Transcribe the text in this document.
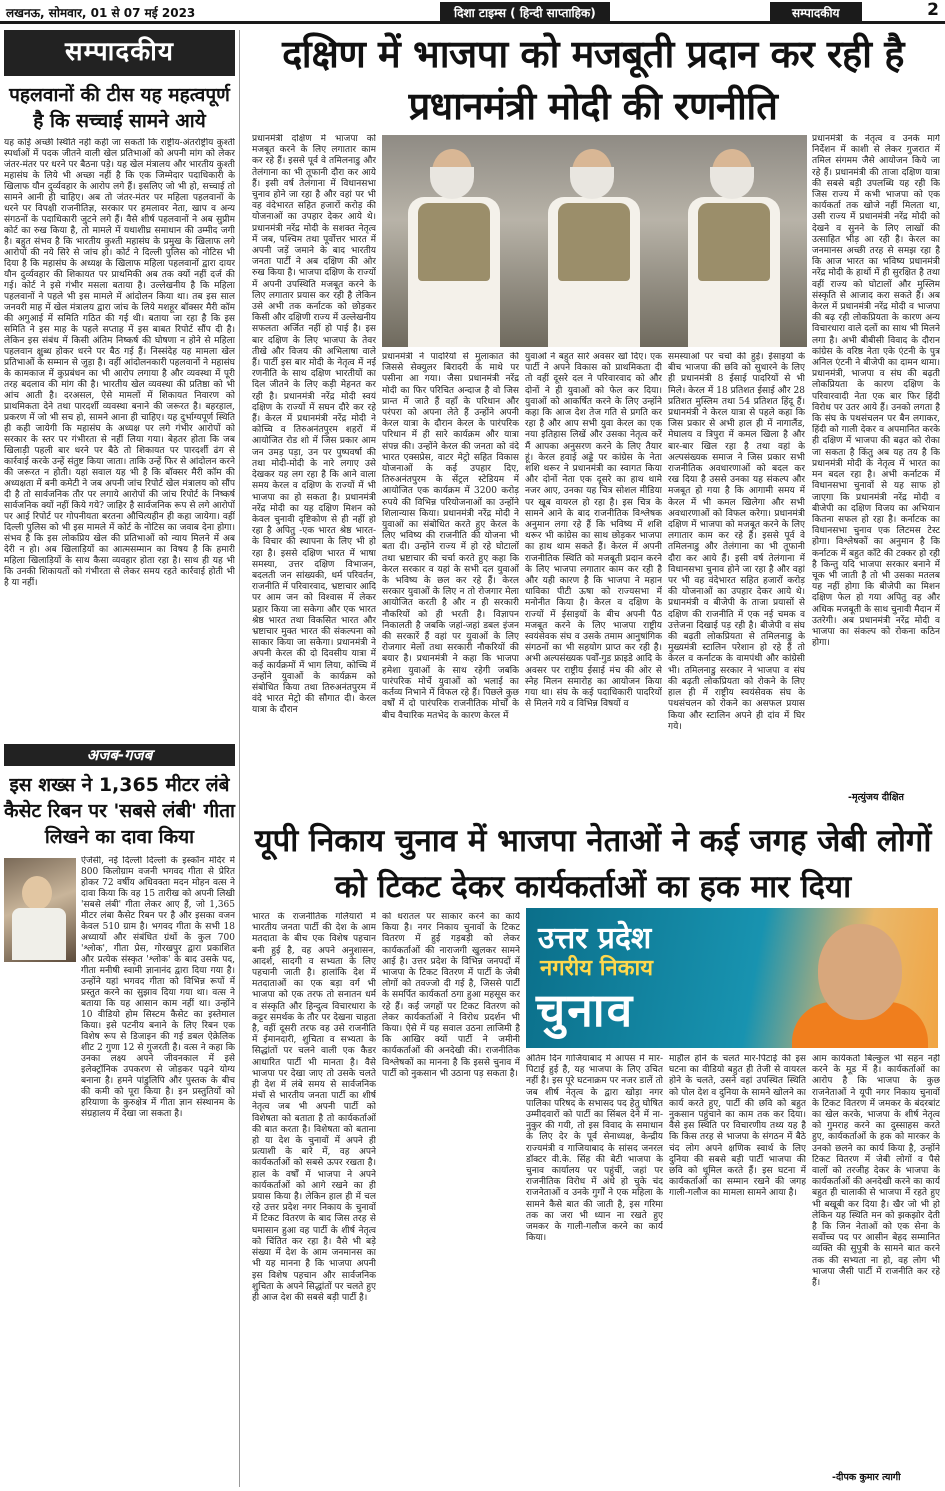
लखनऊ, सोमवार, 01 से 07 मई 2023	दिशा टाइम्स ( हिन्दी साप्ताहिक)	सम्पादकीय	2
सम्पादकीय
पहलवानों की टीस यह महत्वपूर्ण है कि सच्चाई सामने आये
यह कोई अच्छी स्थिति नहीं कही जा सकती कि राष्ट्रीय-अंतर्राष्ट्रीय कुश्ती स्पर्धाओं में पदक जीतने वाली खेल प्रतिभाओं को अपनी मांग को लेकर जंतर-मंतर पर धरने पर बैठना पड़े। यह खेल मंत्रालय और भारतीय कुश्ती महासंघ के लिये भी अच्छा नहीं है कि एक जिम्मेदार पदाधिकारी के खिलाफ यौन दुर्व्यवहार के आरोप लगे हैं। इसलिए जो भी हो, सच्चाई तो सामने आनी ही चाहिए। अब तो जंतर-मंतर पर महिला पहलवानों के धरने पर विपक्षी राजनीतिज्ञ, सरकार पर हमलावर नेता, खाप व अन्य संगठनों के पदाधिकारी जुटने लगे हैं। वैसे शीर्ष पहलवानों ने अब सुप्रीम कोर्ट का रुख किया है, तो मामले में यथाशीघ्र समाधान की उम्मीद जगी है। बहुत संभव है कि भारतीय कुश्ती महासंघ के प्रमुख के खिलाफ लगे आरोपों की नये सिरे से जांच हो। कोर्ट ने दिल्ली पुलिस को नोटिस भी दिया है कि महासंघ के अध्यक्ष के खिलाफ महिला पहलवानों द्वारा दायर यौन दुर्व्यवहार की शिकायत पर प्राथमिकी अब तक क्यों नहीं दर्ज की गई। कोर्ट ने इसे गंभीर मसला बताया है। उल्लेखनीय है कि महिला पहलवानों ने पहले भी इस मामले में आंदोलन किया था। तब इस साल जनवरी माह में खेल मंत्रालय द्वारा जांच के लिये मशहूर बॉक्सर मैरी कॉम की अगुआई में समिति गठित की गई थी। बताया जा रहा है कि इस समिति ने इस माह के पहले सप्ताह में इस बाबत रिपोर्ट सौंप दी है। लेकिन इस संबंध में किसी अंतिम निष्कर्ष की घोषणा न होने से महिला पहलवान क्षुब्ध होकर धरने पर बैठ गई हैं। निस्संदेह यह मामला खेल प्रतिभाओं के सम्मान से जुड़ा है। वहीं आंदोलनकारी पहलवानों ने महासंघ के कामकाज में कुप्रबंधन का भी आरोप लगाया है और व्यवस्था में पूरी तरह बदलाव की मांग की है। भारतीय खेल व्यवस्था की प्रतिष्ठा को भी आंच आती है। दरअसल, ऐसे मामलों में शिकायत निवारण को प्राथमिकता देने तथा पारदर्शी व्यवस्था बनाने की जरूरत है। बहरहाल, प्रकरण में जो भी सच हो, सामने आना ही चाहिए। यह दुर्भाग्यपूर्ण स्थिति ही कही जायेगी कि महासंघ के अध्यक्ष पर लगे गंभीर आरोपों को सरकार के स्तर पर गंभीरता से नहीं लिया गया। बेहतर होता कि जब खिलाड़ी पहली बार धरने पर बैठे तो शिकायत पर पारदर्शी ढंग से कार्रवाई करके उन्हें संतुष्ट किया जाता। ताकि उन्हें फिर से आंदोलन करने की जरूरत न होती। यहां सवाल यह भी है कि बॉक्सर मैरी कॉम की अध्यक्षता में बनी कमेटी ने जब अपनी जांच रिपोर्ट खेल मंत्रालय को सौंप दी है तो सार्वजनिक तौर पर लगाये आरोपों की जांच रिपोर्ट के निष्कर्ष सार्वजनिक क्यों नहीं किये गये? जाहिर है सार्वजनिक रूप से लगे आरोपों पर आई रिपोर्ट पर गोपनीयता बरतना औचित्यहीन ही कहा जायेगा। वहीं दिल्ली पुलिस को भी इस मामले में कोर्ट के नोटिस का जवाब देना होगा। संभव है कि इस लोकप्रिय खेल की प्रतिभाओं को न्याय मिलने में अब देरी न हो। अब खिलाड़ियों का आत्मसम्मान का विषय है कि हमारी महिला खिलाड़ियों के साथ कैसा व्यवहार होता रहा है। साथ ही यह भी कि उनकी शिकायतों को गंभीरता से लेकर समय रहते कार्रवाई होती भी है या नहीं।
अजब-गजब
इस शख्स ने 1,365 मीटर लंबे कैसेट रिबन पर 'सबसे लंबी' गीता लिखने का दावा किया
ऐजेंसी, नई दिल्ली दिल्ली के इस्कॉन मंदिर में 800 किलोग्राम वजनी भगवद गीता से प्रेरित होकर 72 वर्षीय अधिवक्ता मदन मोहन वत्स ने दावा किया कि वह 15 तारीख को अपनी लिखी 'सबसे लंबी' गीता लेकर आए हैं, जो 1,365 मीटर लंबा कैसेट रिबन पर है और इसका वजन केवल 510 ग्राम है। भगवद गीता के सभी 18 अध्यायों और संबंधित ग्रंथों के कुल 700 'श्लोक', गीता प्रेस, गोरखपुर द्वारा प्रकाशित और प्रत्येक संस्कृत 'श्लोक' के बाद उसके पद, गीता मनीषी स्वामी ज्ञानानंद द्वारा दिया गया है। उन्होंने यहां भगवद गीता को विभिन्न रूपों में प्रस्तुत करने का सुझाव दिया गया था। वत्स ने बताया कि यह आसान काम नहीं था। उन्होंने 10 वीडियो होम सिस्टम कैसेट का इस्तेमाल किया। इसे पटनीय बनाने के लिए रिबन एक विशेष रूप से डिजाइन की गई डबल ऐक्रेलिक शीट 2 गुणा 12 से गुजरती है। वत्स ने कहा कि उनका लक्ष्य अपने जीवनकाल में इसे इलेक्ट्रॉनिक उपकरण से जोड़कर पढ़ने योग्य बनाना है। हमने पांडुलिपि और पुस्तक के बीच की कमी को पूरा किया है। इन प्रस्तुतियों को हरियाणा के कुरुक्षेत्र में गीता ज्ञान संस्थानम के संग्रहालय में देखा जा सकता है।
दक्षिण में भाजपा को मजबूती प्रदान कर रही है प्रधानमंत्री मोदी की रणनीति
प्रधानमंत्री दक्षिण में भाजपा को मजबूत करने के लिए लगातार काम कर रहे हैं। इससे पूर्व वे तमिलनाडु और तेलंगाना का भी तूफानी दौरा कर आये हैं। इसी वर्ष तेलंगाना में विधानसभा चुनाव होने जा रहा है और वहां पर भी वह वंदेभारत सहित हजारों करोड़ की योजनाओं का उपहार देकर आये थे। प्रधानमंत्री नरेंद्र मोदी के सशक्त नेतृत्व में जब, पश्चिम तथा पूर्वोत्तर भारत में अपनी जड़ें जमाने के बाद भारतीय जनता पार्टी ने अब दक्षिण की ओर रुख किया है। भाजपा दक्षिण के राज्यों में अपनी उपस्थिति मजबूत करने के लिए लगातार प्रयास कर रही है लेकिन उसे अभी तक कर्नाटक को छोड़कर किसी और दक्षिणी राज्य में उल्लेखनीय सफलता अर्जित नहीं हो पाई है। इस बार दक्षिण के लिए भाजपा के तेवर तीखे और विजय की अभिलाषा वाले हैं। पार्टी इस बार मोदी के नेतृत्व में नई रणनीति के साथ दक्षिण भारतीयों का दिल जीतने के लिए कड़ी मेहनत कर रही है। प्रधानमंत्री नरेंद्र मोदी स्वयं दक्षिण के राज्यों में सघन दौरे कर रहे हैं। केरल में प्रधानमंत्री नरेंद्र मोदी ने कोच्चि व तिरुअनंतपुरम शहरों में आयोजित रोड शो में जिस प्रकार आम जन उमड़ पड़ा, उन पर पुष्पवर्षा की तथा मोदी-मोदी के नारे लगाए उसे देखकर यह लग रहा है कि आने वाला समय केरल व दक्षिण के राज्यों में भी भाजपा का हो सकता है। प्रधानमंत्री नरेंद्र मोदी का यह दक्षिण मिशन को केवल चुनावी दृष्टिकोण से ही नहीं हो रहा है अपितु -एक भारत श्रेष्ठ भारत- के विचार की स्थापना के लिए भी हो रहा है। इससे दक्षिण भारत में भाषा समस्या, उत्तर दक्षिण विभाजन, बदलती जन सांख्यकी, धर्म परिवर्तन, राजनीति में परिवारवाद, भ्रष्टाचार आदि पर आम जन को विश्वास में लेकर प्रहार किया जा सकेगा और एक भारत श्रेष्ठ भारत तथा विकसित भारत और भ्रष्टाचार मुक्त भारत की संकल्पना को साकार किया जा सकेगा। प्रधानमंत्री ने अपनी केरल की दो दिवसीय यात्रा में कई कार्यक्रमों में भाग लिया, कोच्चि में उन्होंने युवाओं के कार्यक्रम को संबोधित किया तथा तिरुअनंतपुरम में वंदे भारत मेट्रो की सौगात दी। केरल यात्रा के दौरान
प्रधानमंत्री ने पादरियों से मुलाकात की जिससे सेक्युलर बिरादरी के माथे पर पसीना आ गया। जैसा प्रधानमंत्री नरेंद्र मोदी का फिर परिचित अन्दाज है वो जिस प्रान्त में जाते हैं वहाँ के परिधान और परंपरा को अपना लेते हैं उन्होंने अपनी केरल यात्रा के दौरान केरल के पारंपरिक परिधान में ही सारे कार्यक्रम और यात्रा संपन्न की। उन्होंने केरल की जनता को वंदे भारत एक्सप्रेस, वाटर मेट्रो सहित विकास योजनाओं के कई उपहार दिए, तिरुअनंतपुरम के सेंट्रल स्टेडियम में आयोजित एक कार्यक्रम में 3200 करोड़ रुपये की विभिन्न परियोजनाओं का उन्होंने शिलान्यास किया। प्रधानमंत्री नरेंद्र मोदी ने युवाओं का संबोधित करते हुए केरल के लिए भविष्य की राजनीति की योजना भी बता दी। उन्होंने राज्य में हो रहे घोटालों तथा भ्रष्टाचार की चर्चा करते हुए कहा कि केरल सरकार व यहां के सभी दल युवाओं के भविष्य के छल कर रहे हैं। केरल सरकार युवाओं के लिए न तो रोजगार मेला आयोजित करती है और न ही सरकारी नौकरियों को ही भरती है। विज्ञापन निकालती है जबकि जहां-जहां डबल इंजन की सरकारें हैं वहां पर युवाओं के लिए रोजगार मेलों तथा सरकारी नौकरियों की बयार है। प्रधानमंत्री ने कहा कि भाजपा हमेशा युवाओं के साथ रहेगी जबकि पारंपरिक मोर्चे युवाओं को भलाई का कर्तव्य निभाने में विफल रहे हैं। पिछले कुछ वर्षों में दो पारंपरिक राजनीतिक मोर्चों के बीच वैचारिक मतभेद के कारण केरल में
युवाओं ने बहुत सारे अवसर खो दिए। एक पार्टी ने अपने विकास को प्राथमिकता दी तो वहीं दूसरे दल ने परिवारवाद को और दोनों ने ही युवाओं को फेल कर दिया। युवाओं को आकर्षित करने के लिए उन्होंने कहा कि आज देश तेज गति से प्रगति कर रहा है और आप सभी युवा केरल का एक नया इतिहास लिखें और उसका नेतृत्व करें मैं आपका अनुसरण करने के लिए तैयार हूं। केरल हवाई अड्डे पर कांग्रेस के नेता शशि थरूर ने प्रधानमंत्री का स्वागत किया और दोनों नेता एक दूसरे का हाथ थामे नजर आए, उनका यह चित्र सोशल मीडिया पर खूब वायरल हो रहा है। इस चित्र के सामने आने के बाद राजनीतिक विश्लेषक अनुमान लगा रहे हैं कि भविष्य में शशि थरूर भी कांग्रेस का साथ छोड़कर भाजपा का हाथ थाम सकते हैं। केरल में अपनी राजनीतिक स्थिति को मजबूती प्रदान करने के लिए भाजपा लगातार काम कर रही है और यही कारण है कि भाजपा ने महान धाविका पीटी ऊषा को राज्यसभा में मनोनीत किया है। केरल व दक्षिण के राज्यों में ईसाइयों के बीच अपनी पैठ मजबूत करने के लिए भाजपा राष्ट्रीय स्वयंसेवक संघ व उसके तमाम आनुषांगिक संगठनों का भी सहयोग प्राप्त कर रही है। अभी अल्पसंख्यक पर्वों-गुड फ्राइडे आदि के अवसर पर राष्ट्रीय ईसाई मंच की ओर से स्नेह मिलन समारोह का आयोजन किया गया था। संघ के कई पदाधिकारी पादरियों से मिलने गये व विभिन्न विषयों व
समस्याओं पर चर्चा की हुई। ईसाइयों के बीच भाजपा की छवि को सुधारने के लिए ही प्रधानमंत्री 8 ईसाई पादरियों से भी मिले। केरल में 18 प्रतिशत ईसाई और 28 प्रतिशत मुस्लिम तथा 54 प्रतिशत हिंदू हैं। प्रधानमंत्री ने केरल यात्रा से पहले कहा कि जिस प्रकार से अभी हाल ही में नागालैंड, मेघालय व त्रिपुरा में कमल खिला है और बार-बार खिल रहा है तथा वहां के अल्पसंख्यक समाज ने जिस प्रकार सभी राजनीतिक अवधारणाओं को बदल कर रख दिया है उससे उनका यह संकल्प और मजबूत हो गया है कि आगामी समय में केरल में भी कमल खिलेगा और सभी अवधारणाओं को विफल करेगा। प्रधानमंत्री दक्षिण में भाजपा को मजबूत करने के लिए लगातार काम कर रहे हैं। इससे पूर्व वे तमिलनाडु और तेलंगाना का भी तूफानी दौरा कर आये हैं। इसी वर्ष तेलंगाना में विधानसभा चुनाव होने जा रहा है और वहां पर भी वह वंदेभारत सहित हजारों करोड़ की योजनाओं का उपहार देकर आये थे। प्रधानमंत्री व बीजेपी के ताजा प्रयासों से दक्षिण की राजनीति में एक नई चमक व उत्तेजना दिखाई पड़ रही है। बीजेपी व संघ की बढ़ती लोकप्रियता से तमिलनाडु के मुख्यमंत्री स्टालिन परेशान हो रहे हैं तो केरल व कर्नाटक के वामपंथी और कांग्रेसी भी। तमिलनाडु सरकार ने भाजपा व संघ की बढ़ती लोकप्रियता को रोकने के लिए हाल ही में राष्ट्रीय स्वयंसेवक संघ के पथसंचलन को रोकने का असफल प्रयास किया और स्टालिन अपने ही दांव में घिर गये।
प्रधानमंत्री के नेतृत्व व उनके मार्ग निर्देशन में काशी से लेकर गुजरात में तमिल संगमम जैसे आयोजन किये जा रहे हैं। प्रधानमंत्री की ताजा दक्षिण यात्रा की सबसे बड़ी उपलब्धि यह रही कि जिस राज्य में कभी भाजपा को एक कार्यकर्ता तक खोजे नहीं मिलता था, उसी राज्य में प्रधानमंत्री नरेंद्र मोदी को देखने व सुनने के लिए लाखों की उत्साहित भीड़ आ रही है। केरल का जनमानस अच्छी तरह से समझ रहा है कि आज भारत का भविष्य प्रधानमंत्री नरेंद्र मोदी के हाथों में ही सुरक्षित है तथा वहीं राज्य को घोटालों और मुस्लिम संस्कृति से आजाद करा सकते हैं। अब केरल में प्रधानमंत्री नरेंद्र मोदी व भाजपा की बढ़ रही लोकप्रियता के कारण अन्य विचारधारा वाले दलों का साथ भी मिलने लगा है। अभी बीबीसी विवाद के दौरान कांग्रेस के वरिष्ठ नेता एके एंटनी के पुत्र अनिल एंटनी ने बीजेपी का दामन थामा। प्रधानमंत्री, भाजपा व संघ की बढ़ती लोकप्रियता के कारण दक्षिण के परिवारवादी नेता एक बार फिर हिंदी विरोध पर उतर आये हैं। उनको लगता है कि संघ के पथसंचलन पर बैन लगाकर, हिंदी को गाली देकर व अपमानित करके ही दक्षिण में भाजपा की बढ़त को रोका जा सकता है किंतु अब यह तय है कि प्रधानमंत्री मोदी के नेतृत्व में भारत का मन बदल रहा है। अभी कर्नाटक में विधानसभा चुनावों से यह साफ हो जाएगा कि प्रधानमंत्री नरेंद्र मोदी व बीजेपी का दक्षिण विजय का अभियान कितना सफल हो रहा है। कर्नाटक का विधानसभा चुनाव एक लिटमस टेस्ट होगा। विश्लेषकों का अनुमान है कि कर्नाटक में बहुत काँटे की टक्कर हो रही है किन्तु यदि भाजपा सरकार बनाने में चूक भी जाती है तो भी उसका मतलब यह नहीं होगा कि बीजेपी का मिशन दक्षिण फेल हो गया अपितु वह और अधिक मजबूती के साथ चुनावी मैदान में उतरेगी। अब प्रधानमंत्री नरेंद्र मोदी व भाजपा का संकल्प को रोकना कठिन होगा।
-मृत्युंजय दीक्षित
यूपी निकाय चुनाव में भाजपा नेताओं ने कई जगह जेबी लोगों को टिकट देकर कार्यकर्ताओं का हक मार दिया
भारत के राजनीतिक गलियारों में भारतीय जनता पार्टी की देश के आम मतदाता के बीच एक विशेष पहचान बनी हुई है, वह अपने अनुशासन, आदर्श, सादगी व सभ्यता के लिए पहचानी जाती है। हालांकि देश में मतदाताओं का एक बड़ा वर्ग भी भाजपा को एक तरफ तो सनातन धर्म व संस्कृति और हिन्दुत्व विचारधारा के कट्टर समर्थक के तौर पर देखना चाहता है, वहीं दूसरी तरफ वह उसे राजनीति में ईमानदारी, शुचिता व सभ्यता के सिद्धांतों पर चलने वाली एक कैडर आधारित पार्टी भी मानता है। वैसे भाजपा पर देखा जाए तो उसके चलते ही देश में लंबे समय से सार्वजनिक मंचों से भारतीय जनता पार्टी का शीर्ष नेतृत्व जब भी अपनी पार्टी को विशेषता को बताता है तो कार्यकर्ताओं की बात करता है। विशेषता को बताना हो या देश के चुनावों में अपने ही प्रत्याशी के बारे में, वह अपने कार्यकर्ताओं को सबसे ऊपर रखता है। हाल के वर्षों में भाजपा ने अपने कार्यकर्ताओं को आगे रखने का ही प्रयास किया है। लेकिन हाल ही में चल रहे उत्तर प्रदेश नगर निकाय के चुनावों में टिकट वितरण के बाद जिस तरह से घमासान हुआ वह पार्टी के शीर्ष नेतृत्व को चिंतित कर रहा है। वैसे भी बड़े संख्या में देश के आम जनमानस का भी यह मानना है कि भाजपा अपनी इस विशेष पहचान और सार्वजनिक शुचिता के अपने सिद्धांतों पर चलते हुए ही आज देश की सबसे बड़ी पार्टी है।
को धरातल पर साकार करने का कार्य किया है। नगर निकाय चुनावों के टिकट वितरण में हुई गड़बड़ी को लेकर कार्यकर्ताओं की नाराजगी खुलकर सामने आई है। उत्तर प्रदेश के विभिन्न जनपदों में भाजपा के टिकट वितरण में पार्टी के जेबी लोगों को तवज्जो दी गई है, जिससे पार्टी के समर्पित कार्यकर्ता ठगा हुआ महसूस कर रहे हैं। कई जगहों पर टिकट वितरण को लेकर कार्यकर्ताओं ने विरोध प्रदर्शन भी किया। ऐसे में यह सवाल उठना लाजिमी है कि आखिर क्यों पार्टी ने जमीनी कार्यकर्ताओं की अनदेखी की। राजनीतिक विश्लेषकों का मानना है कि इससे चुनाव में पार्टी को नुकसान भी उठाना पड़ सकता है।
उत्तर प्रदेश
नगरीय निकाय
चुनाव
अंतिम दिन गाजियाबाद में आपस में मार-पिटाई हुई है, यह भाजपा के लिए उचित नहीं है। इस पूरे घटनाक्रम पर नजर डालें तो जब शीर्ष नेतृत्व के द्वारा खोड़ा नगर पालिका परिषद के सभासद पद हेतु घोषित उम्मीदवारों को पार्टी का सिंबल देने में ना-नुकुर की गयी, तो इस विवाद के समाधान के लिए देर के पूर्व सेनाध्यक्ष, केन्द्रीय राज्यमंत्री व गाजियाबाद के सांसद जनरल डॉक्टर वी.के. सिंह की बेटी भाजपा के चुनाव कार्यालय पर पहुंचीं, जहां पर राजनीतिक विरोध में अंधे हो चुके चंद राजनेताओं व उनके गुर्गों ने एक महिला के सामने कैसे बात की जाती है, इस गरिमा तक का जरा भी ध्यान ना रखते हुए जमकर के गाली-गलौज करने का कार्य किया।
माहौल होने के चलते मार-पिटाई की इस घटना का वीडियो बहुत ही तेजी से वायरल होने के चलते, उसने वहां उपस्थित स्थिति को पोल देश व दुनिया के सामने खोलने का कार्य करते हुए, पार्टी की छवि को बहुत नुकसान पहुंचाने का काम तक कर दिया। वैसे इस स्थिति पर विचारणीय तथ्य यह है कि किस तरह से भाजपा के संगठन में बैठे चंद लोग अपने क्षणिक स्वार्थ के लिए दुनिया की सबसे बड़ी पार्टी भाजपा की छवि को धूमिल करते हैं। इस घटना में कार्यकर्ताओं का सम्मान रखने की जगह गाली-गलौज का मामला सामने आया है।
आम कार्यकर्ता बिल्कुल भी सहन नहीं करने के मूड में है। कार्यकर्ताओं का आरोप है कि भाजपा के कुछ राजनेताओं ने यूपी नगर निकाय चुनावों के टिकट वितरण में जमकर के बंदरबांट का खेल करके, भाजपा के शीर्ष नेतृत्व को गुमराह करने का दुस्साहस करते हुए, कार्यकर्ताओं के हक को मारकर के उनको छलने का कार्य किया है, उन्होंने टिकट वितरण में जेबी लोगों व पैसे वालों को तरजीह देकर के भाजपा के कार्यकर्ताओं की अनदेखी करने का कार्य बहुत ही चालाकी से भाजपा में रहते हुए भी बखूबी कर दिया है। खैर जो भी हो लेकिन यह स्थिति मन को झकझोर देती है कि जिन नेताओं को एक सेना के सर्वोच्च पद पर आसीन बेहद सम्मानित व्यक्ति की सुपुत्री के सामने बात करने तक की सभ्यता ना हो, वह लोग भी भाजपा जैसी पार्टी में राजनीति कर रहे हैं।
-दीपक कुमार त्यागी
